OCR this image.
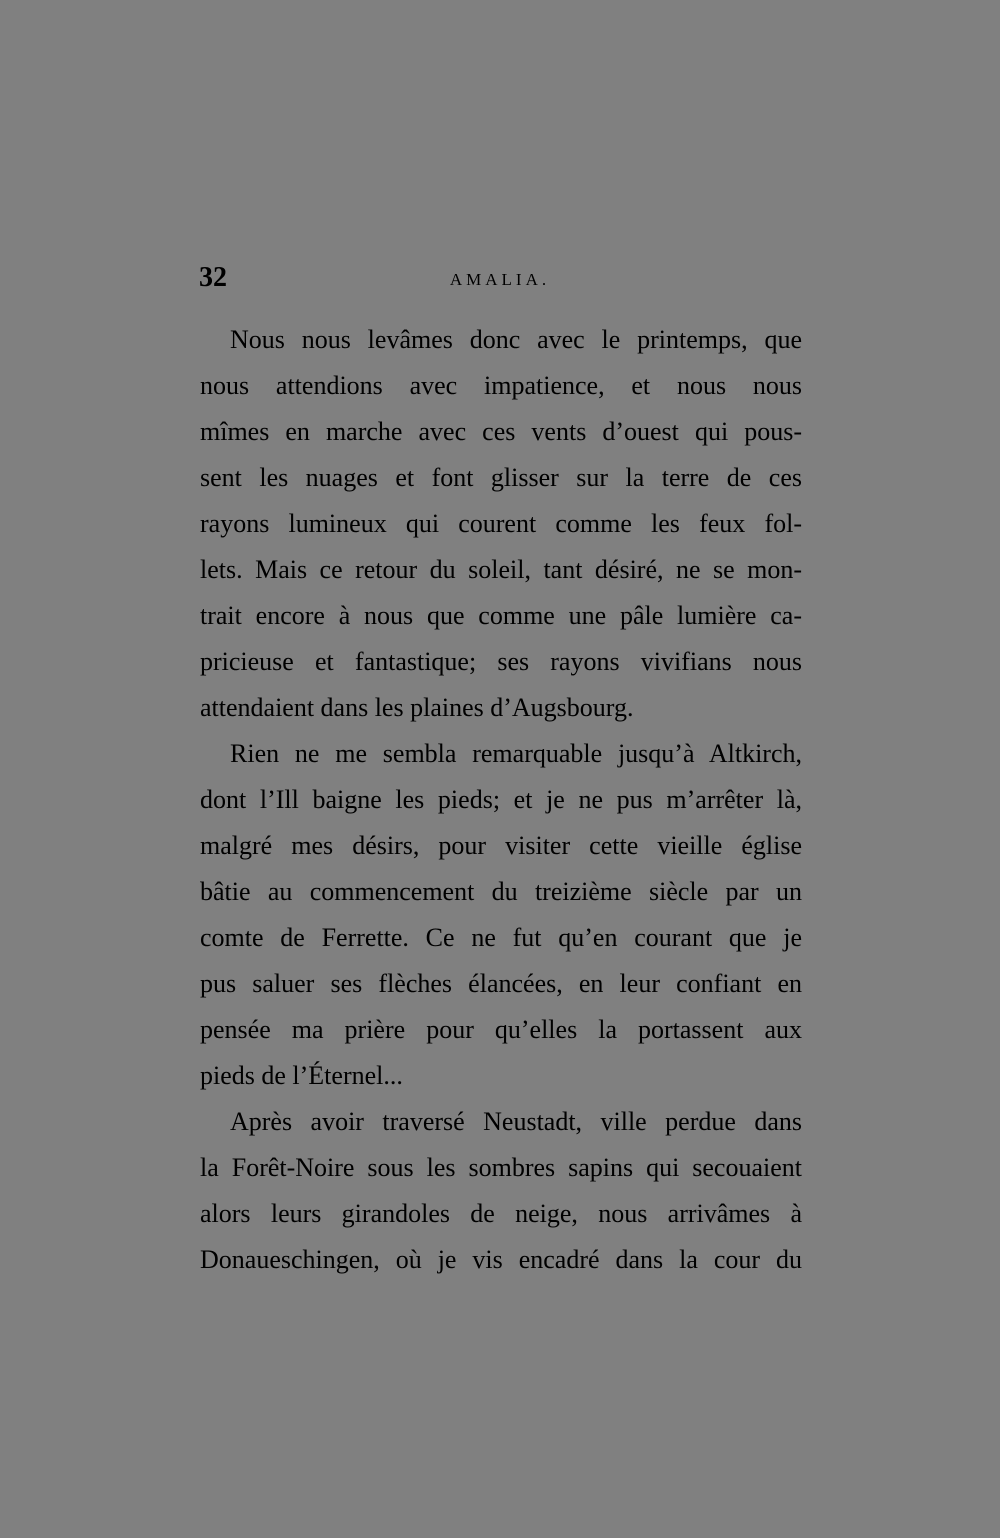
32	AMALIA.
Nous nous levâmes donc avec le printemps, que
nous attendions avec impatience, et nous nous
mîmes en marche avec ces vents d’ouest qui pous-
sent les nuages et font glisser sur la terre de ces
rayons lumineux qui courent comme les feux fol-
lets. Mais ce retour du soleil, tant désiré, ne se mon-
trait encore à nous que comme une pâle lumière ca-
pricieuse et fantastique; ses rayons vivifians nous
attendaient dans les plaines d’Augsbourg.
Rien ne me sembla remarquable jusqu’à Altkirch,
dont l’Ill baigne les pieds; et je ne pus m’arrêter là,
malgré mes désirs, pour visiter cette vieille église
bâtie au commencement du treizième siècle par un
comte de Ferrette. Ce ne fut qu’en courant que je
pus saluer ses flèches élancées, en leur confiant en
pensée ma prière pour qu’elles la portassent aux
pieds de l’Éternel...
Après avoir traversé Neustadt, ville perdue dans
la Forêt-Noire sous les sombres sapins qui secouaient
alors leurs girandoles de neige, nous arrivâmes à
Donaueschingen, où je vis encadré dans la cour du
